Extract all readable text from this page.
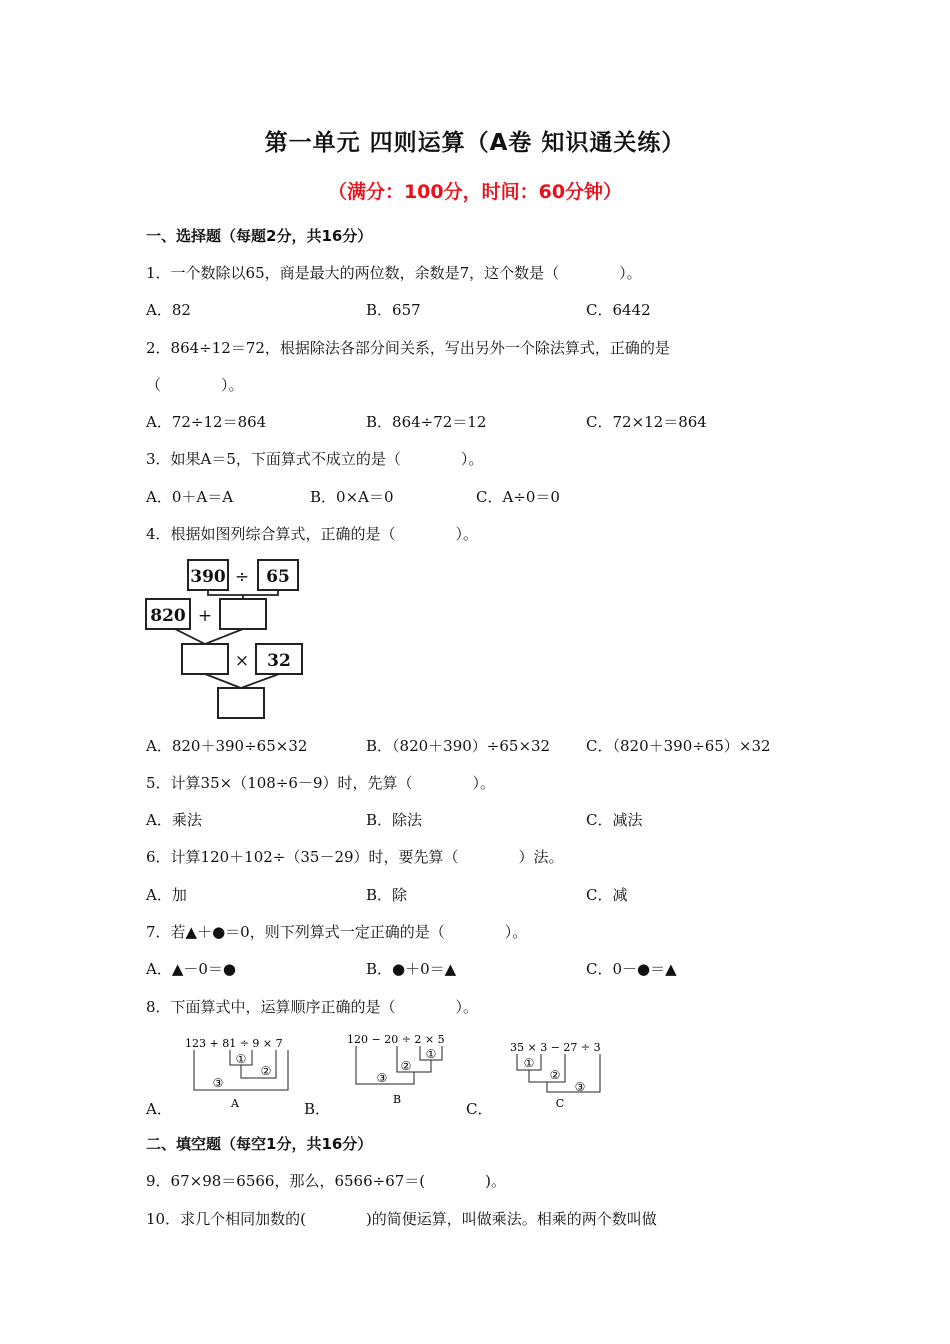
第一单元 四则运算（A卷 知识通关练）
（满分：100分，时间：60分钟）
一、选择题（每题2分，共16分）
1．一个数除以65，商是最大的两位数，余数是7，这个数是（　　　　）。
A．82	B．657	C．6442
2．864÷12＝72，根据除法各部分间关系，写出另外一个除法算式，正确的是
（　　　　）。
A．72÷12＝864	B．864÷72＝12	C．72×12＝864
3．如果A＝5，下面算式不成立的是（　　　　）。
A．0＋A＝A	B．0×A＝0	C．A÷0＝0
4．根据如图列综合算式，正确的是（　　　　）。
390 ÷ 65
820 +
× 32
A．820＋390÷65×32	B．（820＋390）÷65×32 C．（820＋390÷65）×32
5．计算35×（108÷6－9）时，先算（　　　　）。
A．乘法	B．除法	C．减法
6．计算120＋102÷（35－29）时，要先算（　　　　）法。
A．加	B．除	C．减
7．若▲＋●＝0，则下列算式一定正确的是（　　　　）。
A．▲－0＝●	B．●＋0＝▲	C．0－●＝▲
8．下面算式中，运算顺序正确的是（　　　　）。
123 + 81 ÷ 9 × 7
①
②
③
A
120 − 20 ÷ 2 × 5
①
②
③
B
35 × 3 − 27 ÷ 3
①
②
③
C
A．	B．	C．
二、填空题（每空1分，共16分）
9．67×98＝6566，那么，6566÷67＝(　　　　)。
10．求几个相同加数的(　　　　)的简便运算，叫做乘法。相乘的两个数叫做
